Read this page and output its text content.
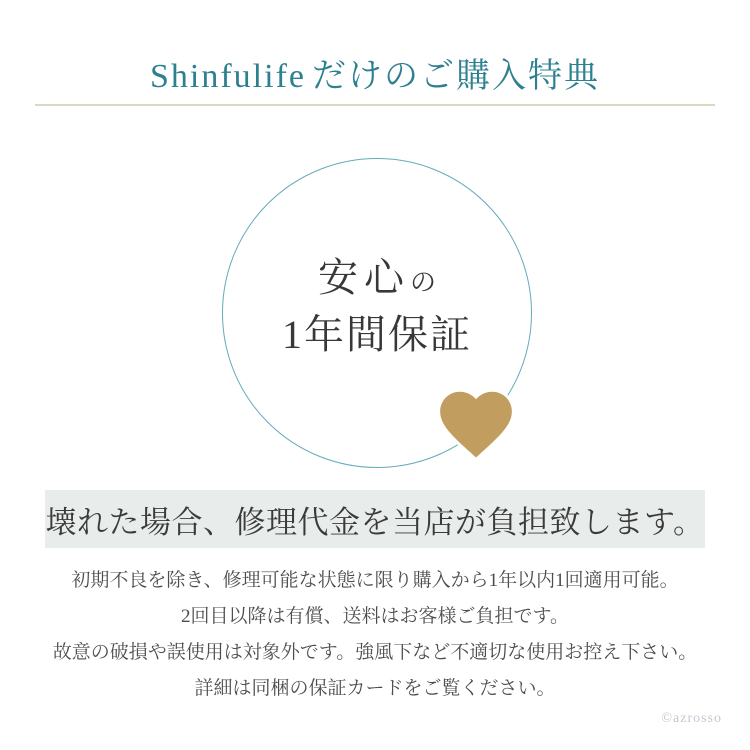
Shinfulife だけのご購入特典
安心の
1年間保証
壊れた場合、修理代金を当店が負担致します。
初期不良を除き、修理可能な状態に限り購入から1年以内1回適用可能。
2回目以降は有償、送料はお客様ご負担です。
故意の破損や誤使用は対象外です。強風下など不適切な使用お控え下さい。
詳細は同梱の保証カードをご覧ください。
©azrosso
